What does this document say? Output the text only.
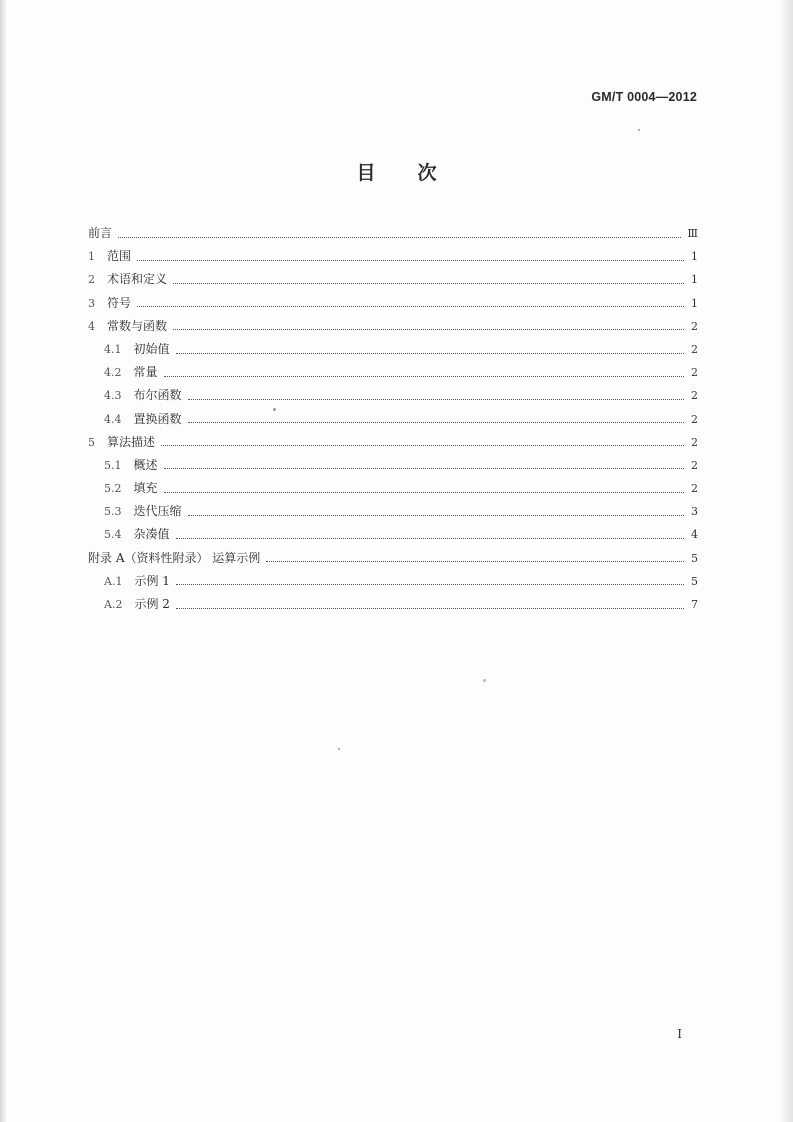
GM/T 0004—2012
目 次
前言	Ⅲ
1 范围	1
2 术语和定义	1
3 符号	1
4 常数与函数	2
4.1 初始值	2
4.2 常量	2
4.3 布尔函数	2
4.4 置换函数	2
5 算法描述	2
5.1 概述	2
5.2 填充	2
5.3 迭代压缩	3
5.4 杂凑值	4
附录 A（资料性附录） 运算示例	5
A.1 示例 1	5
A.2 示例 2	7
I
